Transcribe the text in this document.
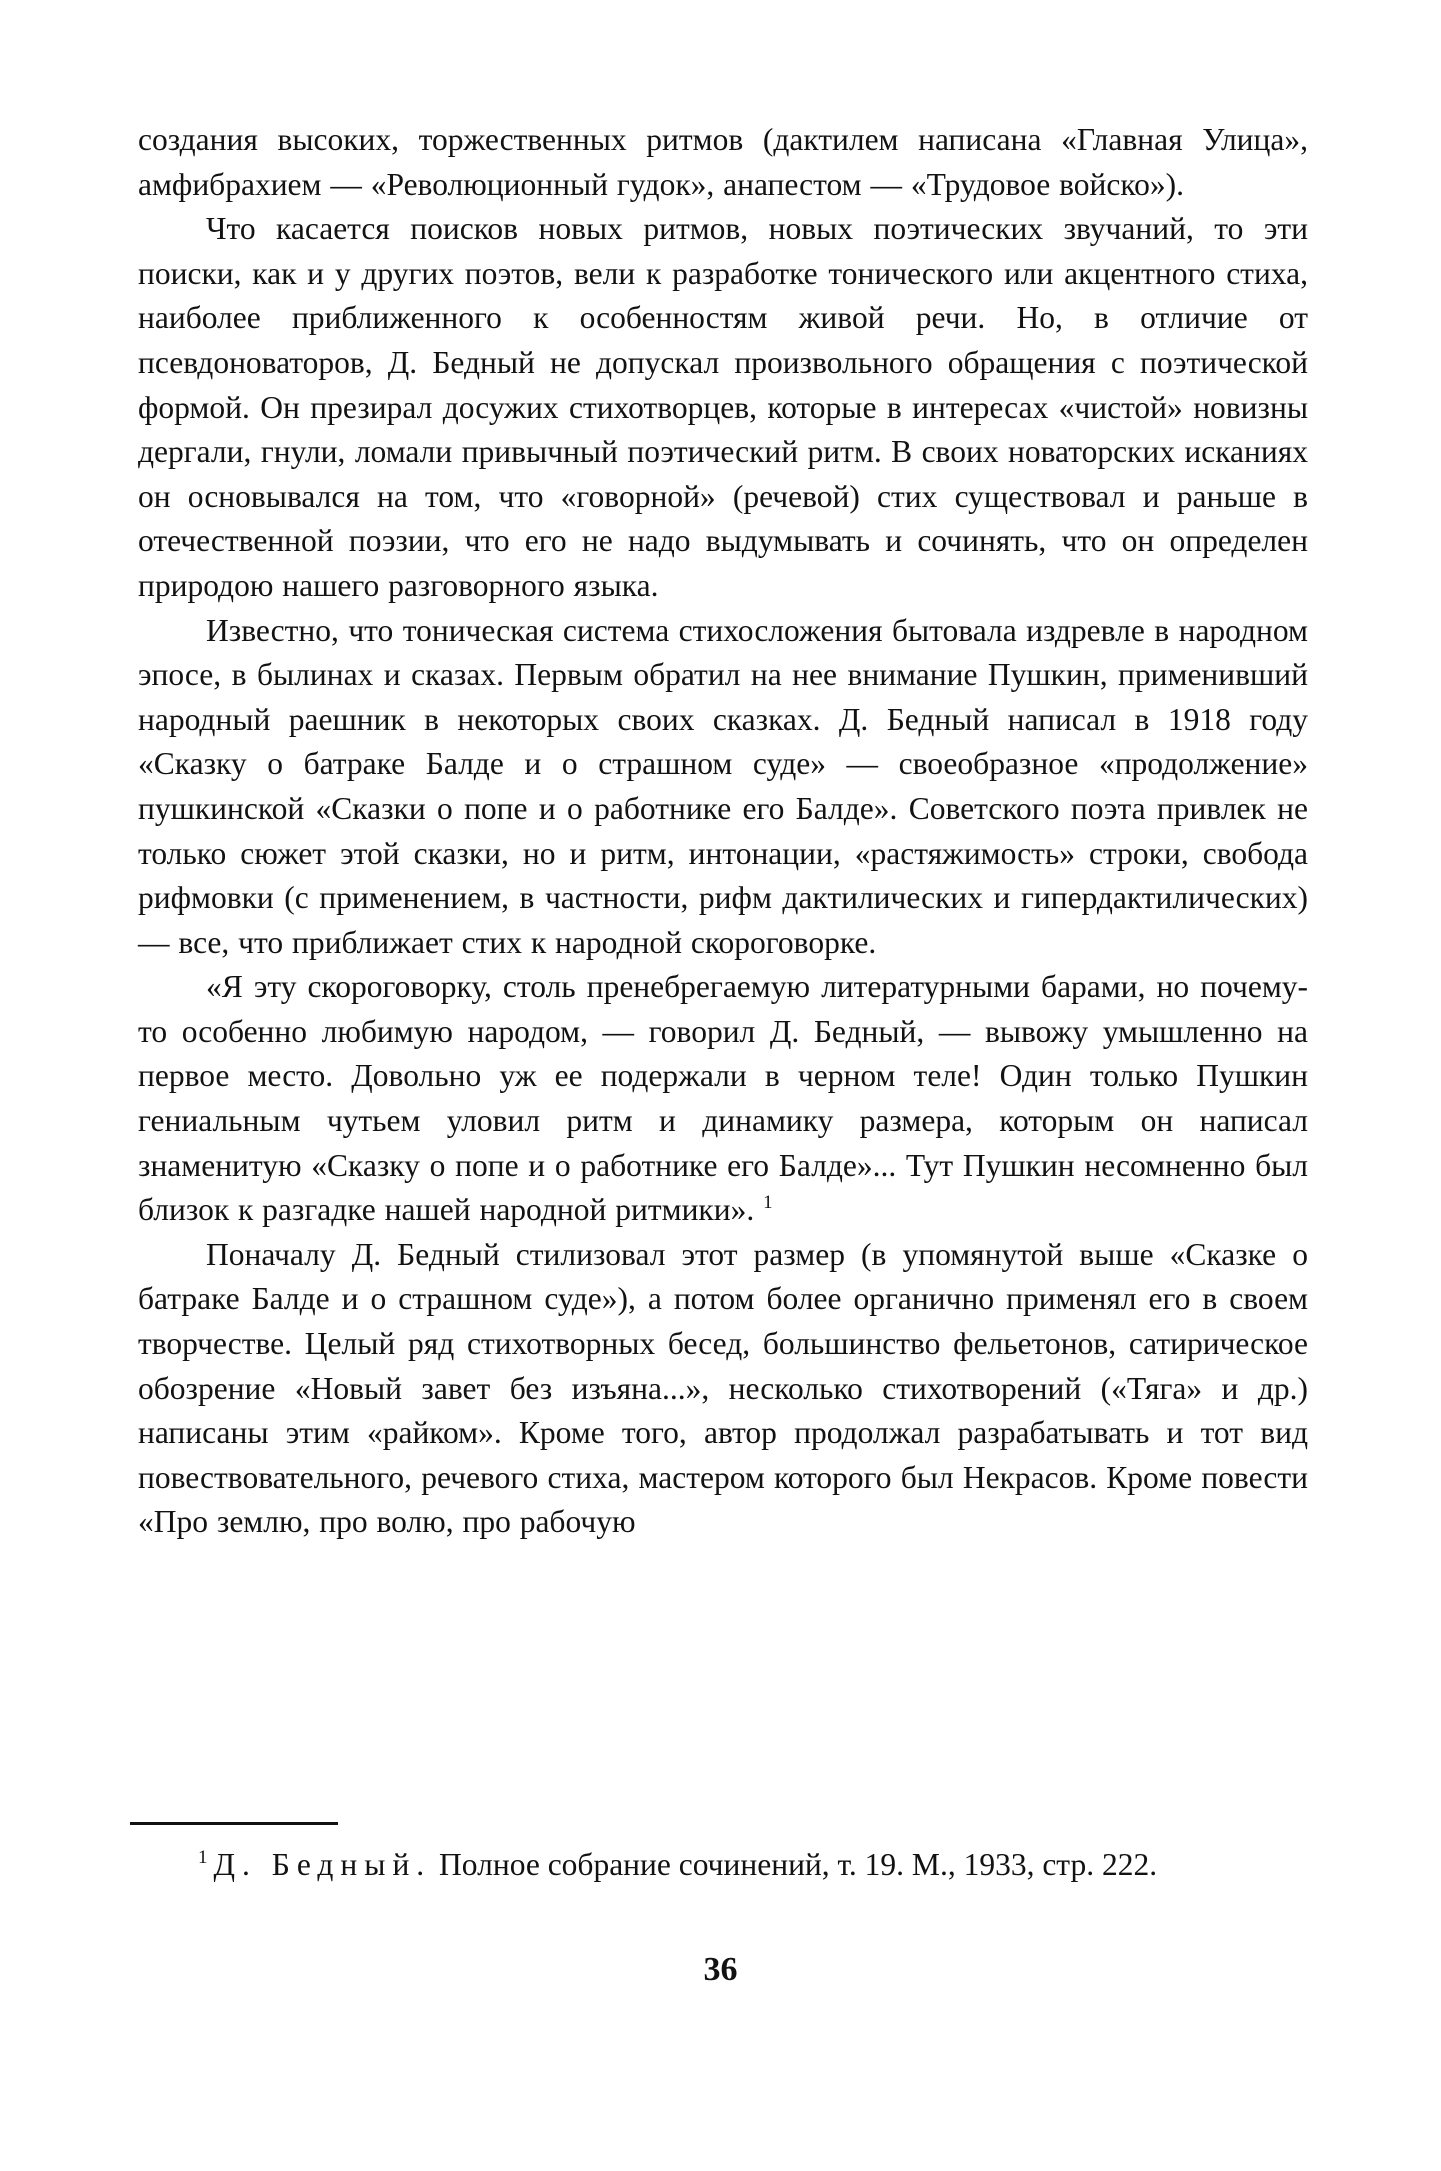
создания высоких, торжественных ритмов (дактилем написана «Главная Улица», амфибрахием — «Революционный гудок», анапестом — «Трудовое войско»).

Что касается поисков новых ритмов, новых поэтических звучаний, то эти поиски, как и у других поэтов, вели к разработке тонического или акцентного стиха, наиболее приближенного к особенностям живой речи. Но, в отличие от псевдоноваторов, Д. Бедный не допускал произвольного обращения с поэтической формой. Он презирал досужих стихотворцев, которые в интересах «чистой» новизны дергали, гнули, ломали привычный поэтический ритм. В своих новаторских исканиях он основывался на том, что «говорной» (речевой) стих существовал и раньше в отечественной поэзии, что его не надо выдумывать и сочинять, что он определен природою нашего разговорного языка.

Известно, что тоническая система стихосложения бытовала издревле в народном эпосе, в былинах и сказах. Первым обратил на нее внимание Пушкин, применивший народный раешник в некоторых своих сказках. Д. Бедный написал в 1918 году «Сказку о батраке Балде и о страшном суде» — своеобразное «продолжение» пушкинской «Сказки о попе и о работнике его Балде». Советского поэта привлек не только сюжет этой сказки, но и ритм, интонации, «растяжимость» строки, свобода рифмовки (с применением, в частности, рифм дактилических и гипердактилических) — все, что приближает стих к народной скороговорке.

«Я эту скороговорку, столь пренебрегаемую литературными барами, но почему-то особенно любимую народом, — говорил Д. Бедный, — вывожу умышленно на первое место. Довольно уж ее подержали в черном теле! Один только Пушкин гениальным чутьем уловил ритм и динамику размера, которым он написал знаменитую «Сказку о попе и о работнике его Балде»... Тут Пушкин несомненно был близок к разгадке нашей народной ритмики». $^1$

Поначалу Д. Бедный стилизовал этот размер (в упомянутой выше «Сказке о батраке Балде и о страшном суде»), а потом более органично применял его в своем творчестве. Целый ряд стихотворных бесед, большинство фельетонов, сатирическое обозрение «Новый завет без изъяна...», несколько стихотворений («Тяга» и др.) написаны этим «райком». Кроме того, автор продолжал разрабатывать и тот вид повествовательного, речевого стиха, мастером которого был Некрасов. Кроме повести «Про землю, про волю, про рабочую

$^1$ Д. Бедный. Полное собрание сочинений, т. 19. М., 1933, стр. 222.

36
